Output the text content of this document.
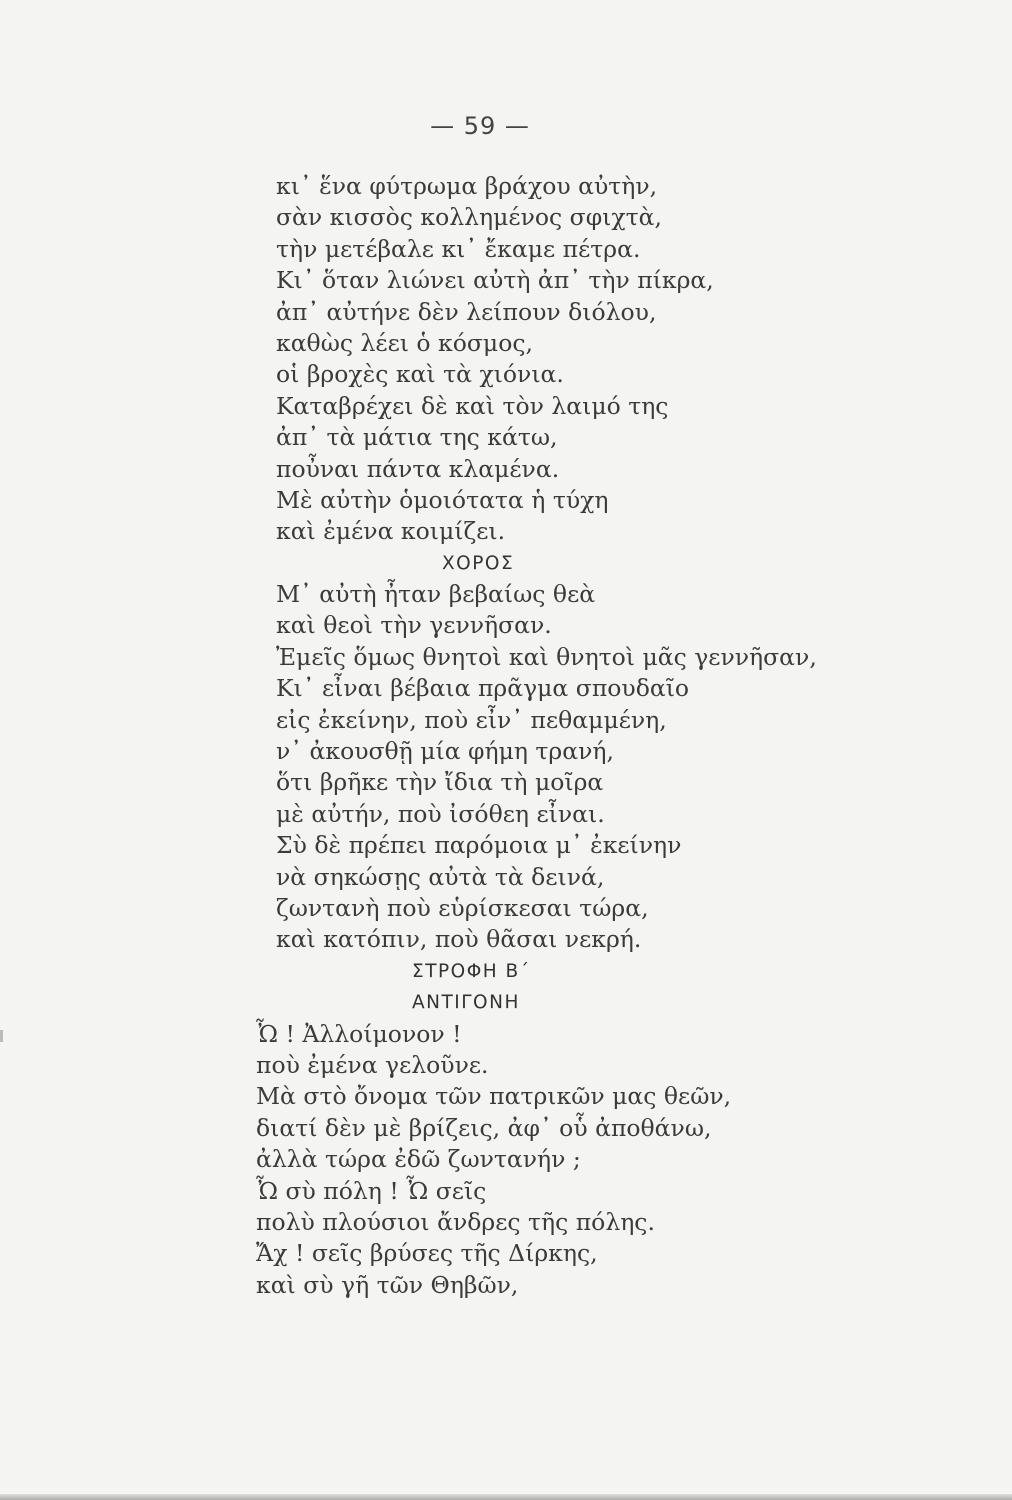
— 59 —
κι᾿ ἕνα φύτρωμα βράχου αὐτὴν,
σὰν κισσὸς κολλημένος σφιχτὰ,
τὴν μετέβαλε κι᾿ ἔκαμε πέτρα.
Κι᾿ ὅταν λιώνει αὐτὴ ἀπ᾿ τὴν πίκρα,
ἀπ᾿ αὐτήνε δὲν λείπουν διόλου,
καθὼς λέει ὁ κόσμος,
οἱ βροχὲς καὶ τὰ χιόνια.
Καταβρέχει δὲ καὶ τὸν λαιμό της
ἀπ᾿ τὰ μάτια της κάτω,
ποὖναι πάντα κλαμένα.
Μὲ αὐτὴν ὁμοιότατα ἡ τύχη
καὶ ἐμένα κοιμίζει.
ΧΟΡΟΣ
Μ᾿ αὐτὴ ἦταν βεβαίως θεὰ
καὶ θεοὶ τὴν γεννῆσαν.
Ἐμεῖς ὅμως θνητοὶ καὶ θνητοὶ μᾶς γεννῆσαν,
Κι᾿ εἶναι βέβαια πρᾶγμα σπουδαῖο
εἰς ἐκείνην, ποὺ εἶν᾿ πεθαμμένη,
ν᾿ ἀκουσθῇ μία φήμη τρανή,
ὅτι βρῆκε τὴν ἴδια τὴ μοῖρα
μὲ αὐτήν, ποὺ ἰσόθεη εἶναι.
Σὺ δὲ πρέπει παρόμοια μ᾿ ἐκείνην
νὰ σηκώσῃς αὐτὰ τὰ δεινά,
ζωντανὴ ποὺ εὑρίσκεσαι τώρα,
καὶ κατόπιν, ποὺ θᾶσαι νεκρή.
ΣΤΡΟΦΗ Β΄
ΑΝΤΙΓΟΝΗ
Ὦ ! Ἀλλοίμονον !
ποὺ ἐμένα γελοῦνε.
Μὰ στὸ ὄνομα τῶν πατρικῶν μας θεῶν,
διατί δὲν μὲ βρίζεις, ἀφ᾿ οὗ ἀποθάνω,
ἀλλὰ τώρα ἐδῶ ζωντανήν ;
Ὦ σὺ πόλη ! Ὦ σεῖς
πολὺ πλούσιοι ἄνδρες τῆς πόλης.
Ἄχ ! σεῖς βρύσες τῆς Δίρκης,
καὶ σὺ γῆ τῶν Θηβῶν,
